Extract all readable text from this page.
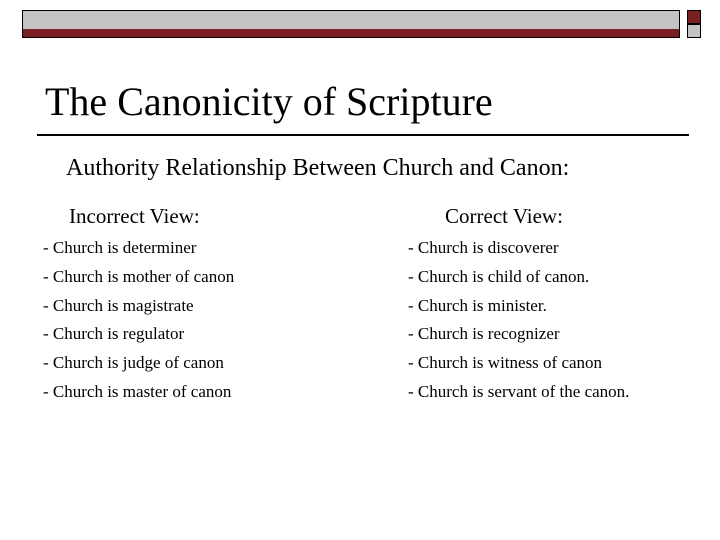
The Canonicity of Scripture
Authority Relationship Between Church and Canon:
Incorrect View:	Correct View:
- Church is determiner
- Church is mother of canon
- Church is magistrate
- Church is regulator
- Church is judge of canon
- Church is master of canon
- Church is discoverer
- Church is child of canon.
- Church is minister.
- Church is recognizer
- Church is witness of canon
- Church is servant of the canon.
